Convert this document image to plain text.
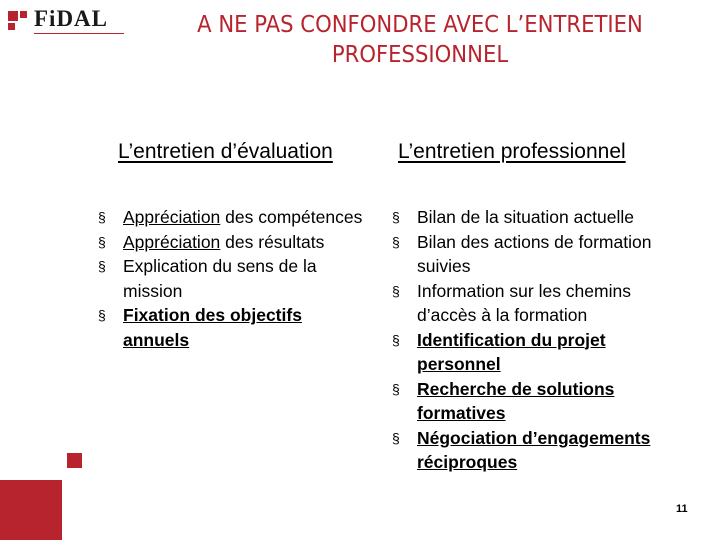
FiDAL	A NE PAS CONFONDRE AVEC L’ENTRETIEN
PROFESSIONNEL
L’entretien d’évaluation	L’entretien professionnel
§ Appréciation des compétences
§ Appréciation des résultats
§ Explication du sens de la mission
§ Fixation des objectifs annuels
§ Bilan de la situation actuelle
§ Bilan des actions de formation suivies
§ Information sur les chemins d’accès à la formation
§ Identification du projet personnel
§ Recherche de solutions formatives
§ Négociation d’engagements réciproques
11
